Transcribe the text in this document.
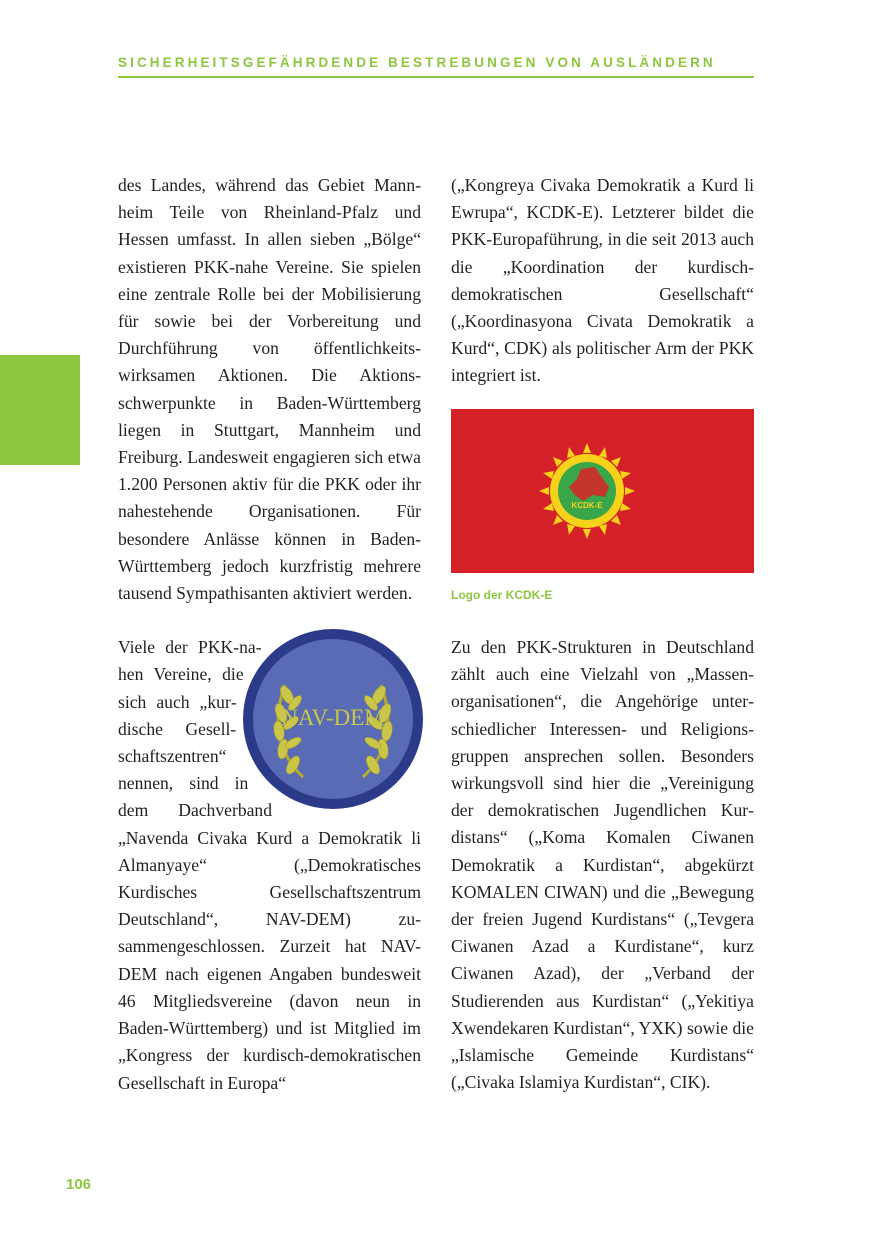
SICHERHEITSGEFÄHRDENDE BESTREBUNGEN VON AUSLÄNDERN

des Landes, während das Gebiet Mannheim Teile von Rheinland-Pfalz und Hessen umfasst. In allen sieben „Bölge“ existieren PKK-nahe Vereine. Sie spielen eine zentrale Rolle bei der Mobilisierung für sowie bei der Vorbereitung und Durchführung von öffentlichkeitswirksamen Aktionen. Die Aktionsschwerpunkte in Baden-Württemberg liegen in Stuttgart, Mannheim und Freiburg. Landesweit engagieren sich etwa 1.200 Personen aktiv für die PKK oder ihr nahestehende Organisationen. Für besondere Anlässe können in Baden-Württemberg jedoch kurzfristig mehrere tausend Sympathisanten aktiviert werden.

NAV-DEM
Viele der PKK-nahen Vereine, die sich auch „kurdische Gesellschaftszentren“ nennen, sind in dem Dachverband „Navenda Civaka Kurd a Demokratik li Almanyaye“ („Demokratisches Kurdisches Gesellschaftszentrum Deutschland“, NAV-DEM) zusammengeschlossen. Zurzeit hat NAV-DEM nach eigenen Angaben bundesweit 46 Mitgliedsvereine (davon neun in Baden-Württemberg) und ist Mitglied im „Kongress der kurdisch-demokratischen Gesellschaft in Europa“

(„Kongreya Civaka Demokratik a Kurd li Ewrupa“, KCDK-E). Letzterer bildet die PKK-Europaführung, in die seit 2013 auch die „Koordination der kurdisch-demokratischen Gesellschaft“ („Koordinasyona Civata Demokratik a Kurd“, CDK) als politischer Arm der PKK integriert ist.

KCDK-E
Logo der KCDK-E

Zu den PKK-Strukturen in Deutschland zählt auch eine Vielzahl von „Massenorganisationen“, die Angehörige unterschiedlicher Interessen- und Religionsgruppen ansprechen sollen. Besonders wirkungsvoll sind hier die „Vereinigung der demokratischen Jugendlichen Kurdistans“ („Koma Komalen Ciwanen Demokratik a Kurdistan“, abgekürzt KOMALEN CIWAN) und die „Bewegung der freien Jugend Kurdistans“ („Tevgera Ciwanen Azad a Kurdistane“, kurz Ciwanen Azad), der „Verband der Studierenden aus Kurdistan“ („Yekitiya Xwendekaren Kurdistan“, YXK) sowie die „Islamische Gemeinde Kurdistans“ („Civaka Islamiya Kurdistan“, CIK).

106
